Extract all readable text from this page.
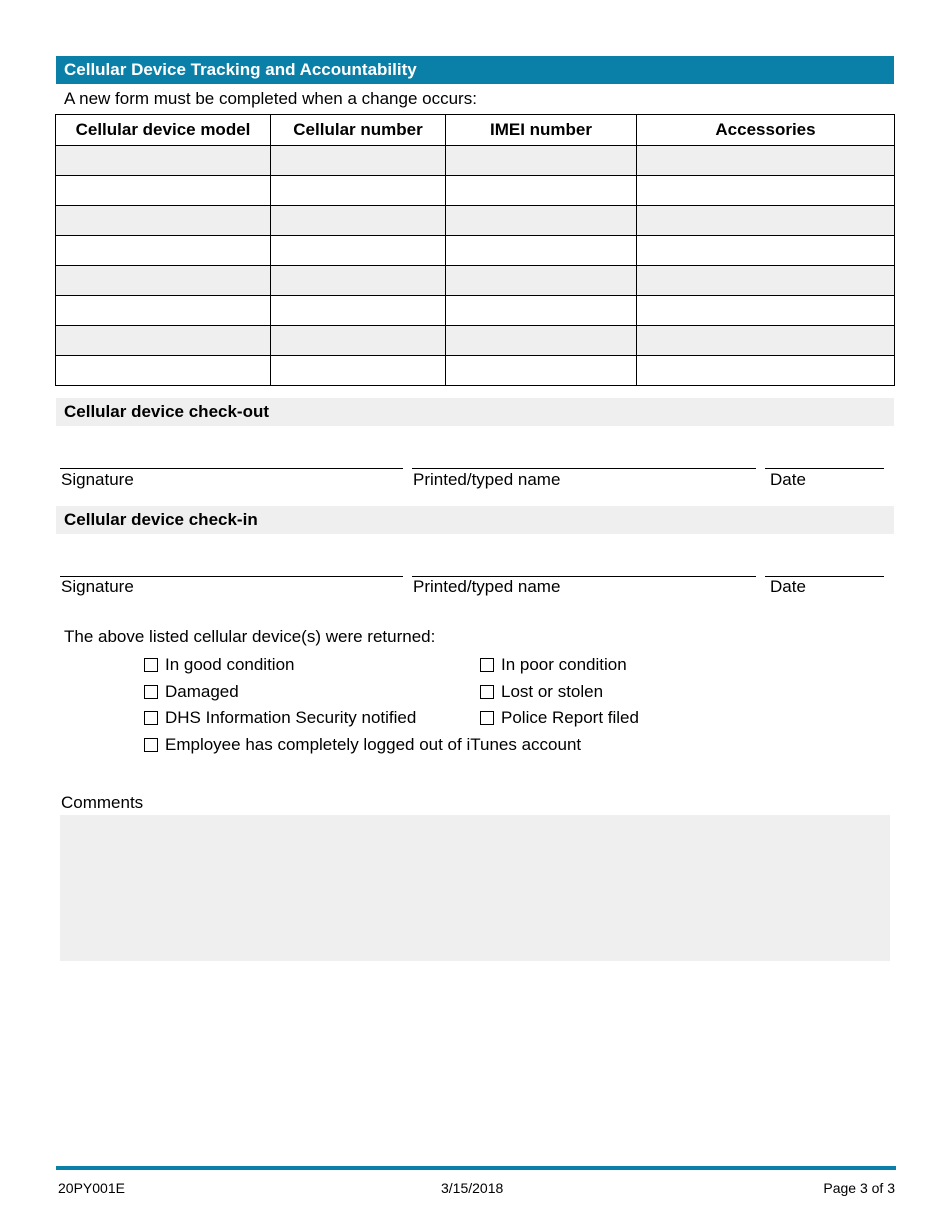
Cellular Device Tracking and Accountability
A new form must be completed when a change occurs:
Cellular device model	Cellular number	IMEI number	Accessories

Cellular device check-out
Signature	Printed/typed name	Date
Cellular device check-in
Signature	Printed/typed name	Date
The above listed cellular device(s) were returned:
In good condition	In poor condition
Damaged	Lost or stolen
DHS Information Security notified	Police Report filed
Employee has completely logged out of iTunes account
Comments
20PY001E	3/15/2018	Page 3 of 3
